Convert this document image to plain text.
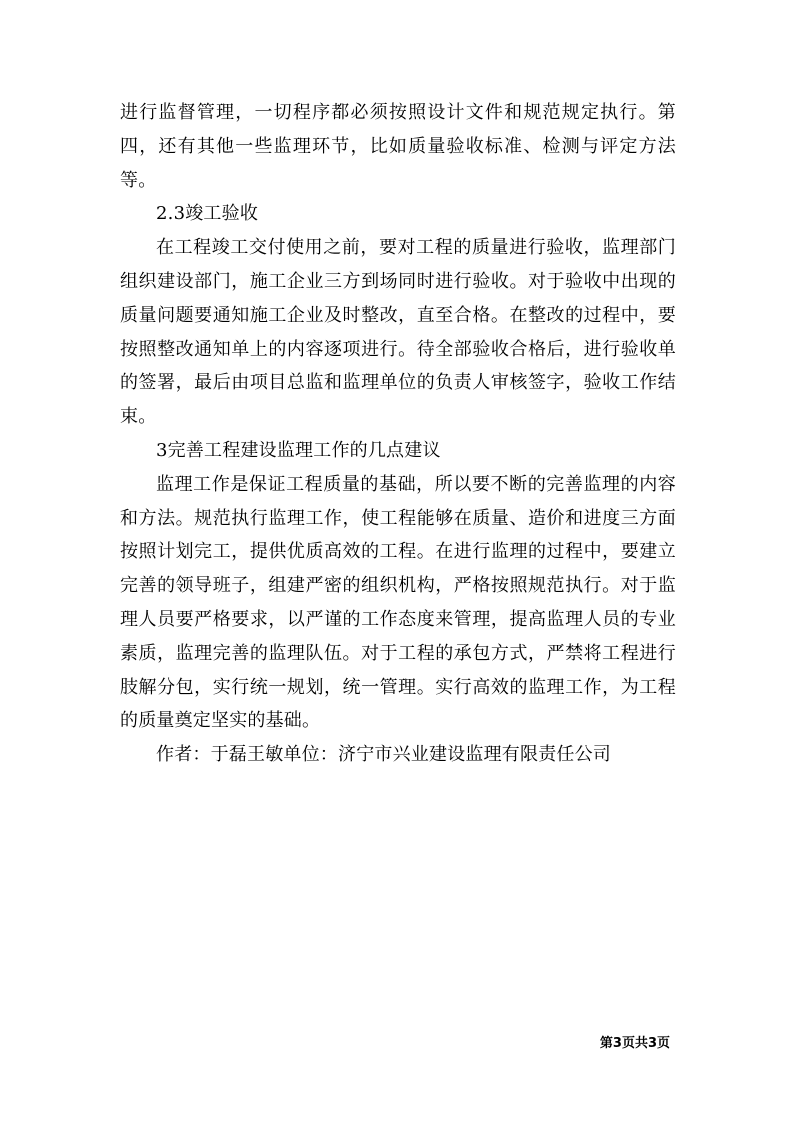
进行监督管理，一切程序都必须按照设计文件和规范规定执行。第四，还有其他一些监理环节，比如质量验收标准、检测与评定方法等。

2.3竣工验收

在工程竣工交付使用之前，要对工程的质量进行验收，监理部门组织建设部门，施工企业三方到场同时进行验收。对于验收中出现的质量问题要通知施工企业及时整改，直至合格。在整改的过程中，要按照整改通知单上的内容逐项进行。待全部验收合格后，进行验收单的签署，最后由项目总监和监理单位的负责人审核签字，验收工作结束。

3完善工程建设监理工作的几点建议

监理工作是保证工程质量的基础，所以要不断的完善监理的内容和方法。规范执行监理工作，使工程能够在质量、造价和进度三方面按照计划完工，提供优质高效的工程。在进行监理的过程中，要建立完善的领导班子，组建严密的组织机构，严格按照规范执行。对于监理人员要严格要求，以严谨的工作态度来管理，提高监理人员的专业素质，监理完善的监理队伍。对于工程的承包方式，严禁将工程进行肢解分包，实行统一规划，统一管理。实行高效的监理工作，为工程的质量奠定坚实的基础。

作者：于磊王敏单位：济宁市兴业建设监理有限责任公司

第3页共3页
